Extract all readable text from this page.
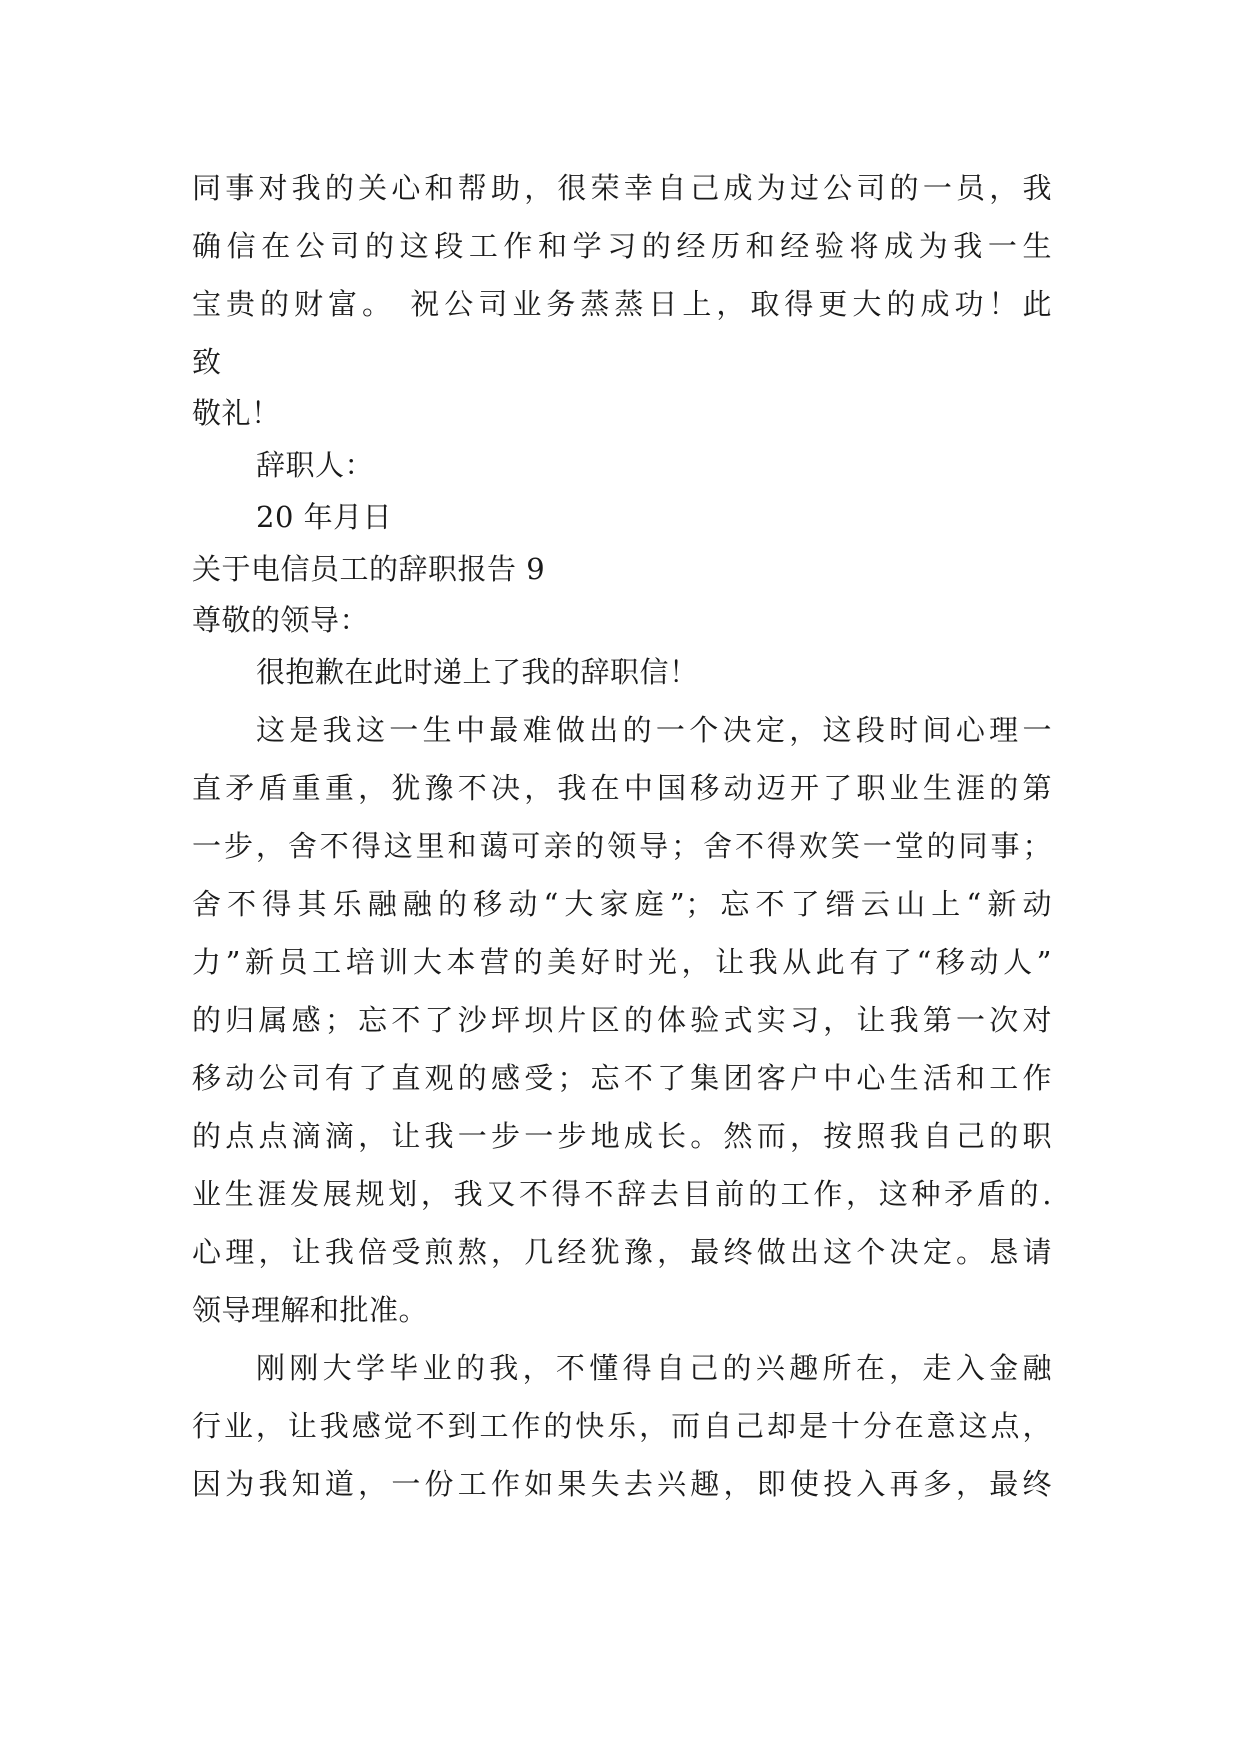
同事对我的关心和帮助，很荣幸自己成为过公司的一员，我
确信在公司的这段工作和学习的经历和经验将成为我一生
宝贵的财富。 祝公司业务蒸蒸日上，取得更大的成功！此
致
敬礼！
辞职人：
20 年月日
关于电信员工的辞职报告 9
尊敬的领导：
很抱歉在此时递上了我的辞职信！
这是我这一生中最难做出的一个决定，这段时间心理一
直矛盾重重，犹豫不决，我在中国移动迈开了职业生涯的第
一步，舍不得这里和蔼可亲的领导；舍不得欢笑一堂的同事；
舍不得其乐融融的移动“大家庭”；忘不了缙云山上“新动
力”新员工培训大本营的美好时光，让我从此有了“移动人”
的归属感；忘不了沙坪坝片区的体验式实习，让我第一次对
移动公司有了直观的感受；忘不了集团客户中心生活和工作
的点点滴滴，让我一步一步地成长。然而，按照我自己的职
业生涯发展规划，我又不得不辞去目前的工作，这种矛盾的.
心理，让我倍受煎熬，几经犹豫，最终做出这个决定。恳请
领导理解和批准。
刚刚大学毕业的我，不懂得自己的兴趣所在，走入金融
行业，让我感觉不到工作的快乐，而自己却是十分在意这点，
因为我知道，一份工作如果失去兴趣，即使投入再多，最终
